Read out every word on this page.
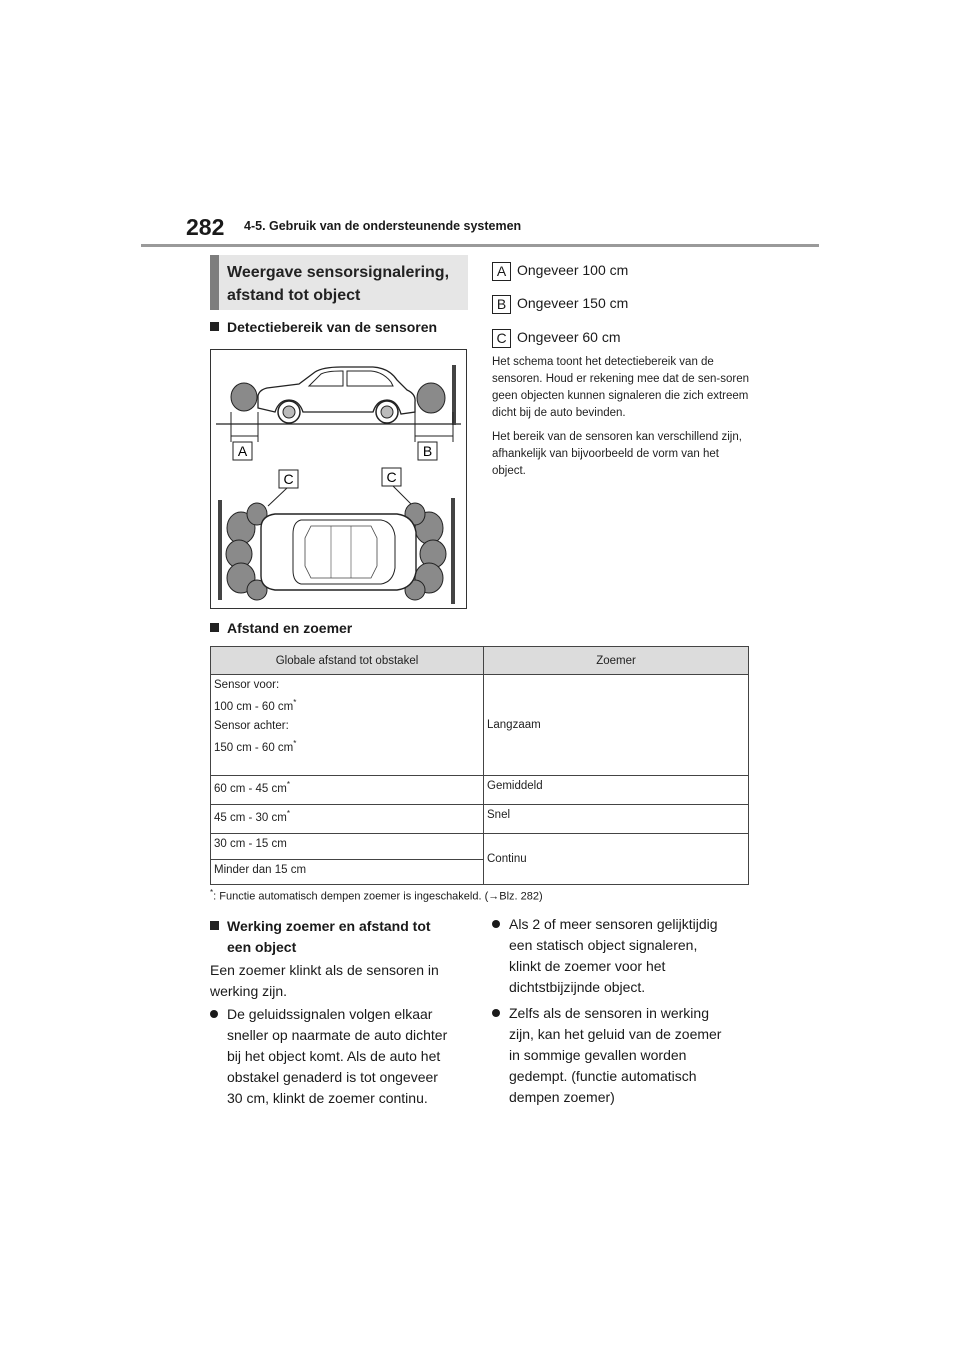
282 4-5. Gebruik van de ondersteunende systemen
Weergave sensorsignalering,
afstand tot object
Detectiebereik van de sensoren
A	B
C	C
A Ongeveer 100 cm
B Ongeveer 150 cm
C Ongeveer 60 cm
Het schema toont het detectiebereik van de sensoren. Houd er rekening mee dat de sen-soren geen objecten kunnen signaleren die zich extreem dicht bij de auto bevinden.
Het bereik van de sensoren kan verschillend zijn, afhankelijk van bijvoorbeeld de vorm van het object.
Afstand en zoemer
Globale afstand tot obstakel	Zoemer

Sensor voor:

100 cm - 60 cm*

Sensor achter:

150 cm - 60 cm*	Langzaam
60 cm - 45 cm*	Gemiddeld
45 cm - 30 cm*	Snel
30 cm - 15 cm	Continu
Minder dan 15 cm	
*: Functie automatisch dempen zoemer is ingeschakeld. (→Blz. 282)
Werking zoemer en afstand tot
een object
Een zoemer klinkt als de sensoren in werking zijn.
De geluidssignalen volgen elkaar sneller op naarmate de auto dichter bij het object komt. Als de auto het obstakel genaderd is tot ongeveer 30 cm, klinkt de zoemer continu.
Als 2 of meer sensoren gelijktijdig een statisch object signaleren, klinkt de zoemer voor het dichtstbijzijnde object.
Zelfs als de sensoren in werking zijn, kan het geluid van de zoemer in sommige gevallen worden gedempt. (functie automatisch dempen zoemer)
